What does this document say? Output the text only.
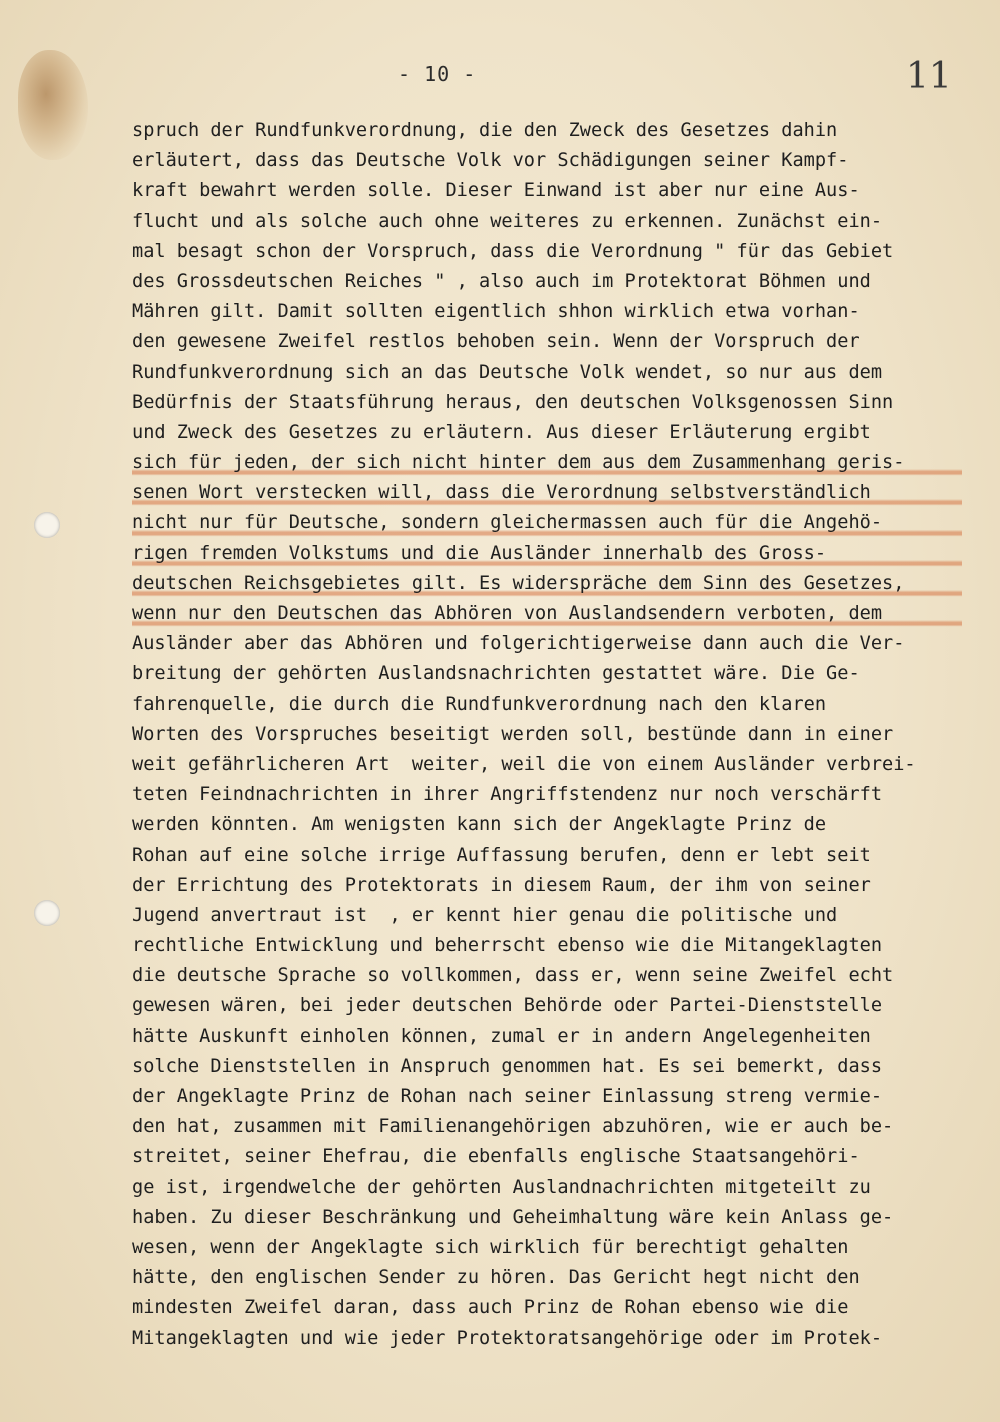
- 10 -	11
spruch der Rundfunkverordnung, die den Zweck des Gesetzes dahin
erläutert, dass das Deutsche Volk vor Schädigungen seiner Kampf-
kraft bewahrt werden solle. Dieser Einwand ist aber nur eine Aus-
flucht und als solche auch ohne weiteres zu erkennen. Zunächst ein-
mal besagt schon der Vorspruch, dass die Verordnung " für das Gebiet
des Grossdeutschen Reiches " , also auch im Protektorat Böhmen und
Mähren gilt. Damit sollten eigentlich shhon wirklich etwa vorhan-
den gewesene Zweifel restlos behoben sein. Wenn der Vorspruch der
Rundfunkverordnung sich an das Deutsche Volk wendet, so nur aus dem
Bedürfnis der Staatsführung heraus, den deutschen Volksgenossen Sinn
und Zweck des Gesetzes zu erläutern. Aus dieser Erläuterung ergibt
sich für jeden, der sich nicht hinter dem aus dem Zusammenhang geris-
senen Wort verstecken will, dass die Verordnung selbstverständlich
nicht nur für Deutsche, sondern gleichermassen auch für die Angehö-
rigen fremden Volkstums und die Ausländer innerhalb des Gross-
deutschen Reichsgebietes gilt. Es widerspräche dem Sinn des Gesetzes,
wenn nur den Deutschen das Abhören von Auslandsendern verboten, dem
Ausländer aber das Abhören und folgerichtigerweise dann auch die Ver-
breitung der gehörten Auslandsnachrichten gestattet wäre. Die Ge-
fahrenquelle, die durch die Rundfunkverordnung nach den klaren
Worten des Vorspruches beseitigt werden soll, bestünde dann in einer
weit gefährlicheren Art  weiter, weil die von einem Ausländer verbrei-
teten Feindnachrichten in ihrer Angriffstendenz nur noch verschärft
werden könnten. Am wenigsten kann sich der Angeklagte Prinz de
Rohan auf eine solche irrige Auffassung berufen, denn er lebt seit
der Errichtung des Protektorats in diesem Raum, der ihm von seiner
Jugend anvertraut ist  , er kennt hier genau die politische und
rechtliche Entwicklung und beherrscht ebenso wie die Mitangeklagten
die deutsche Sprache so vollkommen, dass er, wenn seine Zweifel echt
gewesen wären, bei jeder deutschen Behörde oder Partei-Dienststelle
hätte Auskunft einholen können, zumal er in andern Angelegenheiten
solche Dienststellen in Anspruch genommen hat. Es sei bemerkt, dass
der Angeklagte Prinz de Rohan nach seiner Einlassung streng vermie-
den hat, zusammen mit Familienangehörigen abzuhören, wie er auch be-
streitet, seiner Ehefrau, die ebenfalls englische Staatsangehöri-
ge ist, irgendwelche der gehörten Auslandnachrichten mitgeteilt zu
haben. Zu dieser Beschränkung und Geheimhaltung wäre kein Anlass ge-
wesen, wenn der Angeklagte sich wirklich für berechtigt gehalten
hätte, den englischen Sender zu hören. Das Gericht hegt nicht den
mindesten Zweifel daran, dass auch Prinz de Rohan ebenso wie die
Mitangeklagten und wie jeder Protektoratsangehörige oder im Protek-
